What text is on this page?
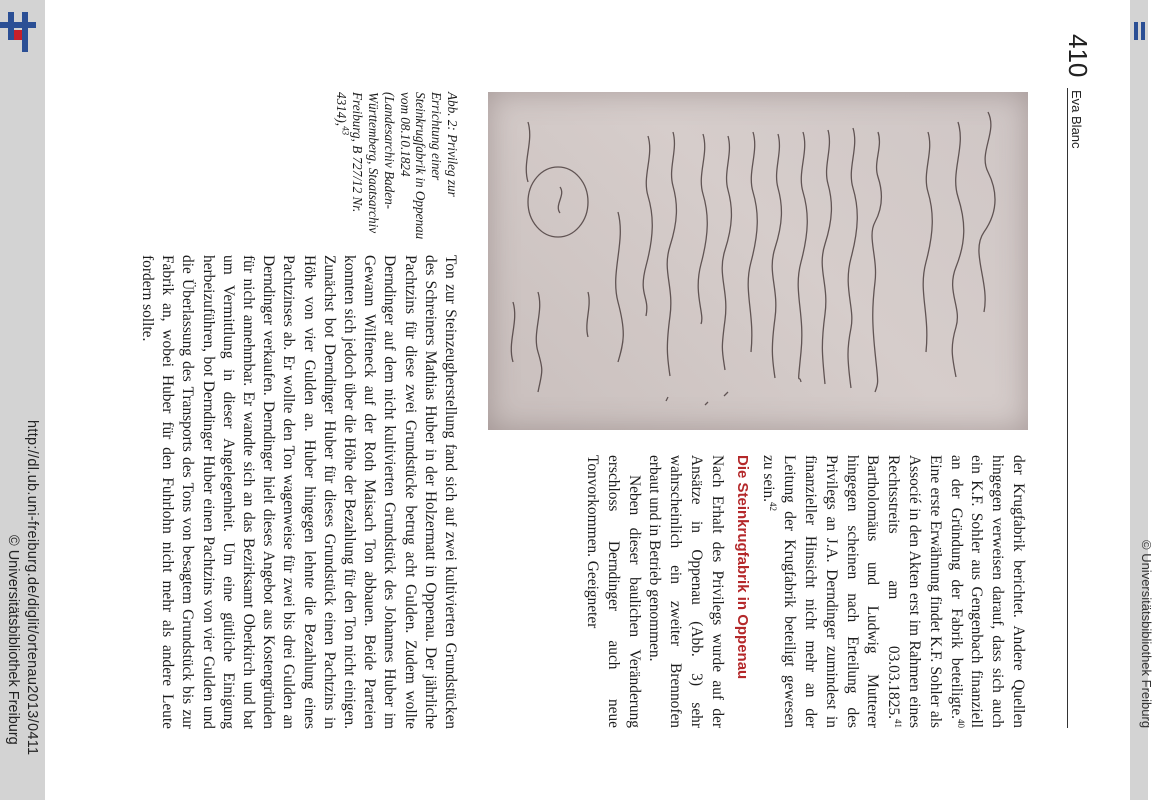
© Universitätsbibliothek Freiburg
410
Eva Blanc

der Krugfabrik berichtet. Andere Quellen hingegen verweisen darauf, dass sich auch ein K.F. Sohler aus Gengenbach finanziell an der Gründung der Fabrik beteiligte.$^{40}$ Eine erste Erwähnung findet K.F. Sohler als Associé in den Akten erst im Rahmen eines Rechtsstreits am 03.03.1825.41 Bartholomäus und Ludwig Mutterer hingegen scheinen nach Erteilung des Privilegs an J.A. Derndinger zumindest in finanzieller Hinsicht nicht mehr an der Leitung der Krugfabrik beteiligt gewesen zu sein.$^{42}$

Die Steinkrugfabrik in Oppenau

Nach Erhalt des Privilegs wurde auf der Ansätze in Oppenau (Abb. 3) sehr wahrscheinlich ein zweiter Brennofen erbaut und in Betrieb genommen.

Neben dieser baulichen Veränderung erschloss Derndinger auch neue Tonvorkommen. Geeigneter

Abb. 2: Privileg zur Errichtung einer Steinkrugfabrik in Oppenau vom 08.10.1824 (Landesarchiv Baden-Württemberg, Staatsarchiv Freiburg, B 727/12 Nr. 4314),$^{43}$

Ton zur Steinzeugherstellung fand sich auf zwei kultivierten Grundstücken des Schreiners Mathias Huber in der Holzermatt in Oppenau. Der jährliche Pachtzins für diese zwei Grundstücke betrug acht Gulden. Zudem wollte Derndinger auf dem nicht kultivierten Grundstück des Johannes Huber im Gewann Wilfeneck auf der Roth Maisach Ton abbauen. Beide Parteien konnten sich jedoch über die Höhe der Bezahlung für den Ton nicht einigen. Zunächst bot Derndinger Huber für dieses Grundstück einen Pachtzins in Höhe von vier Gulden an. Huber hingegen lehnte die Bezahlung eines Pachtzinses ab. Er wollte den Ton wagenweise für zwei bis drei Gulden an Derndinger verkaufen. Derndinger hielt dieses Angebot aus Kostengründen für nicht annehmbar. Er wandte sich an das Bezirksamt Oberkirch und bat um Vermittlung in dieser Angelegenheit. Um eine gütliche Einigung herbeizuführen, bot Derndinger Huber einen Pachtzins von vier Gulden und die Überlassung des Transports des Tons von besagtem Grundstück bis zur Fabrik an, wobei Huber für den Fuhrlohn nicht mehr als andere Leute fordern sollte.

http://dl.ub.uni-freiburg.de/diglit/ortenau2013/0411
© Universitätsbibliothek Freiburg
